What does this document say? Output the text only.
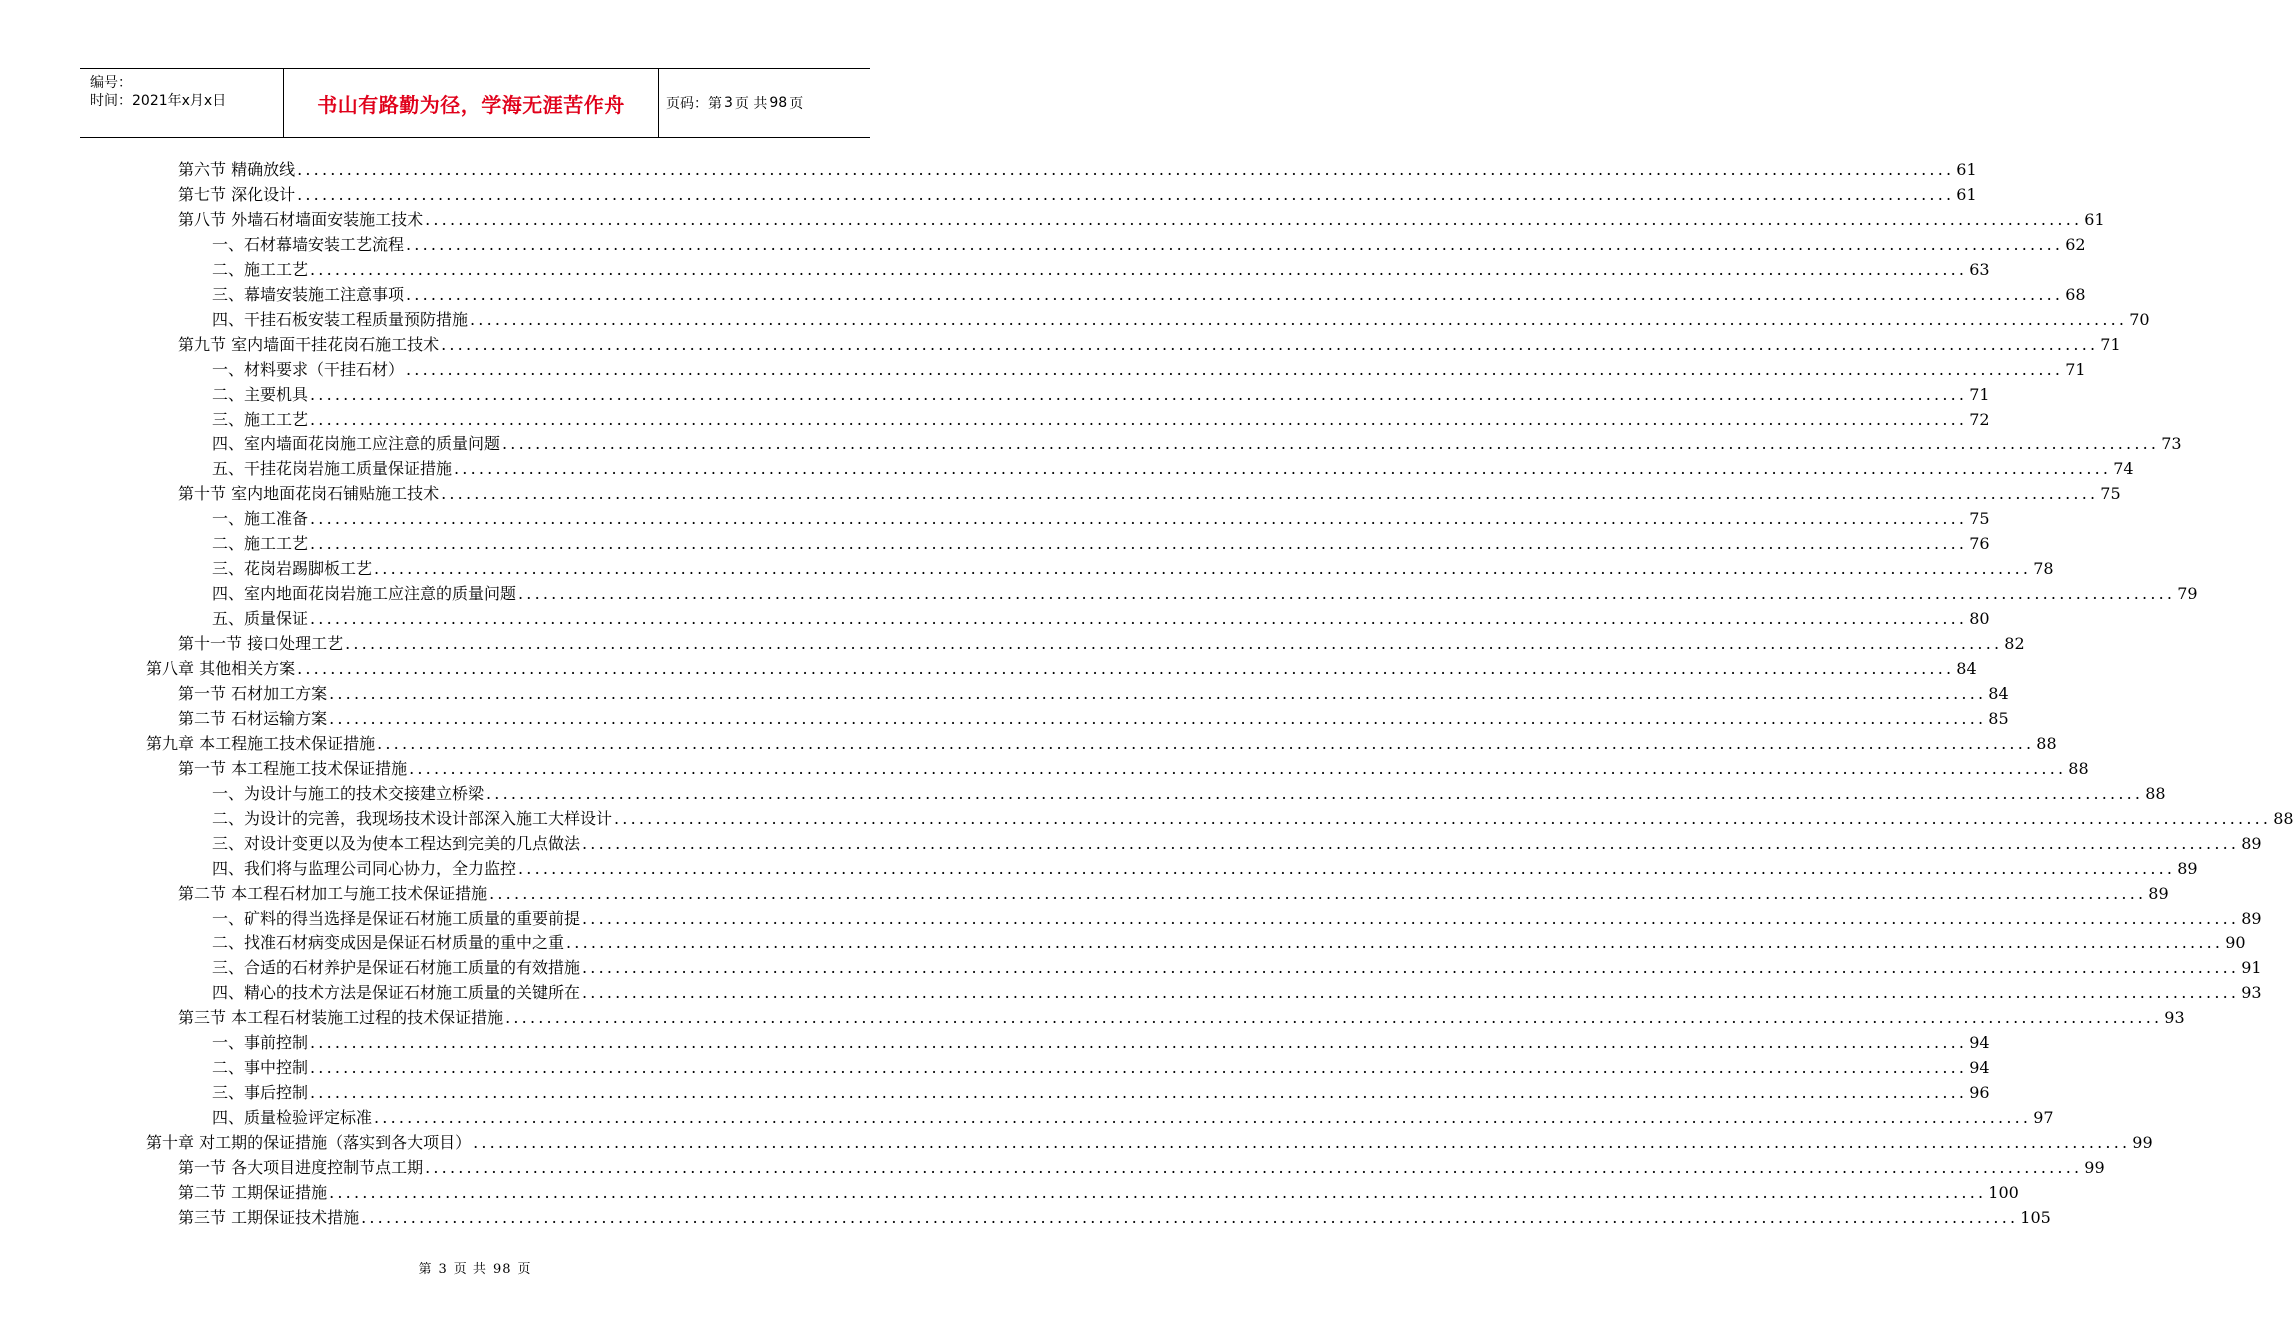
编号：
时间：2021年x月x日	书山有路勤为径，学海无涯苦作舟	页码：第 3 页 共 98 页
第六节 精确放线 ........................................................................................................................................................................................................ 61
第七节 深化设计 ........................................................................................................................................................................................................ 61
第八节 外墙石材墙面安装施工技术 ........................................................................................................................................................................................................ 61
一、石材幕墙安装工艺流程 ........................................................................................................................................................................................................ 62
二、施工工艺 ........................................................................................................................................................................................................ 63
三、幕墙安装施工注意事项 ........................................................................................................................................................................................................ 68
四、干挂石板安装工程质量预防措施 ........................................................................................................................................................................................................ 70
第九节 室内墙面干挂花岗石施工技术 ........................................................................................................................................................................................................ 71
一、材料要求（干挂石材） ........................................................................................................................................................................................................ 71
二、主要机具 ........................................................................................................................................................................................................ 71
三、施工工艺 ........................................................................................................................................................................................................ 72
四、室内墙面花岗施工应注意的质量问题 ........................................................................................................................................................................................................ 73
五、干挂花岗岩施工质量保证措施 ........................................................................................................................................................................................................ 74
第十节 室内地面花岗石铺贴施工技术 ........................................................................................................................................................................................................ 75
一、施工准备 ........................................................................................................................................................................................................ 75
二、施工工艺 ........................................................................................................................................................................................................ 76
三、花岗岩踢脚板工艺 ........................................................................................................................................................................................................ 78
四、室内地面花岗岩施工应注意的质量问题 ........................................................................................................................................................................................................ 79
五、质量保证 ........................................................................................................................................................................................................ 80
第十一节 接口处理工艺 ........................................................................................................................................................................................................ 82
第八章 其他相关方案 ........................................................................................................................................................................................................ 84
第一节 石材加工方案 ........................................................................................................................................................................................................ 84
第二节 石材运输方案 ........................................................................................................................................................................................................ 85
第九章 本工程施工技术保证措施 ........................................................................................................................................................................................................ 88
第一节 本工程施工技术保证措施 ........................................................................................................................................................................................................ 88
一、为设计与施工的技术交接建立桥梁 ........................................................................................................................................................................................................ 88
二、为设计的完善，我现场技术设计部深入施工大样设计 ........................................................................................................................................................................................................ 88
三、对设计变更以及为使本工程达到完美的几点做法 ........................................................................................................................................................................................................ 89
四、我们将与监理公司同心协力，全力监控 ........................................................................................................................................................................................................ 89
第二节 本工程石材加工与施工技术保证措施 ........................................................................................................................................................................................................ 89
一、矿料的得当选择是保证石材施工质量的重要前提 ........................................................................................................................................................................................................ 89
二、找准石材病变成因是保证石材质量的重中之重 ........................................................................................................................................................................................................ 90
三、合适的石材养护是保证石材施工质量的有效措施 ........................................................................................................................................................................................................ 91
四、精心的技术方法是保证石材施工质量的关键所在 ........................................................................................................................................................................................................ 93
第三节 本工程石材装施工过程的技术保证措施 ........................................................................................................................................................................................................ 93
一、事前控制 ........................................................................................................................................................................................................ 94
二、事中控制 ........................................................................................................................................................................................................ 94
三、事后控制 ........................................................................................................................................................................................................ 96
四、质量检验评定标准 ........................................................................................................................................................................................................ 97
第十章 对工期的保证措施（落实到各大项目） ........................................................................................................................................................................................................ 99
第一节 各大项目进度控制节点工期 ........................................................................................................................................................................................................ 99
第二节 工期保证措施 ........................................................................................................................................................................................................ 100
第三节 工期保证技术措施 ........................................................................................................................................................................................................ 105
第 3 页 共 98 页
